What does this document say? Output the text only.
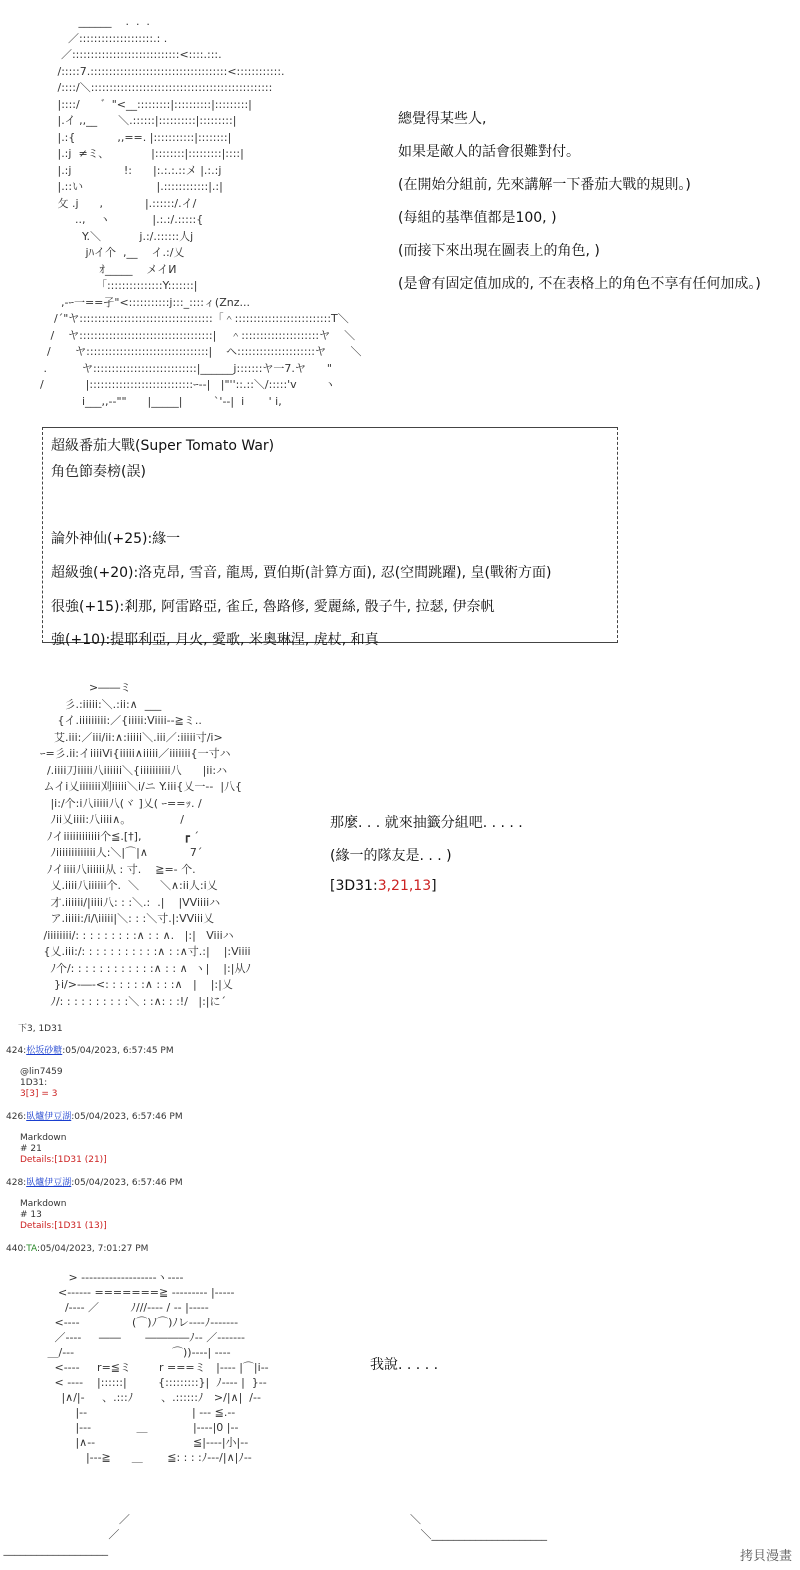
______    .  .  .
／::::::::::::::::::::.: .
／:::::::::::::::::::::::::::::<::::.:::.
/:::::7.:::::::::::::::::::::::::::::::::::::<::::::::::::.
/::::/＼:::::::::::::::::::::::::::::::::::::::::::::::::
|::::/      ゛"<__:::::::::|::::::::::|:::::::::|
|.イ ,,__      ＼.::::::|::::::::::|:::::::::|
|.:{            ,,==. |:::::::::::|::::::::|
|.:j  ≠ミ、            |::::::::|:::::::::|::::|
|.:j               !:      |:.:.:.::メ |.:.:j
|.::い                     |.::::::::::::|.:|
攵 .j      ,            |.::::::/.イ/
..,    ヽ            |.:.:/.:::::{
Y.＼           j.:/.::::::人j
jﾊイ个  ,__    イ.:/乂
ｵ_____    メイИ
「:::::::::::::::Y:::::::|
,-ｰ一==孑"<:::::::::::j:::_::::ィ(Znz...
/´"ヤ::::::::::::::::::::::::::::::::::::「＾::::::::::::::::::::::::::T＼
/    ヤ::::::::::::::::::::::::::::::::::::|    ＾:::::::::::::::::::::ヤ    ＼
/       ヤ:::::::::::::::::::::::::::::::::|    ヘ:::::::::::::::::::::ヤ       ＼
.          ヤ::::::::::::::::::::::::::::|______j:::::::ヤ一7.ヤ      "
/            |::::::::::::::::::::::::::::ｰ--|   |"''::.::＼/:::::'v        ヽ
i___,,--""      |_____|         `'--|  i       ' i,
總覺得某些人,
如果是敵人的話會很難對付。
(在開始分組前, 先來講解一下番茄大戰的規則。)
(每組的基準值都是100, )
(而接下來出現在圖表上的角色, )
(是會有固定值加成的, 不在表格上的角色不享有任何加成。)
超級番茄大戰(Super Tomato War)
角色節奏榜(誤)
論外神仙(+25):緣一
超級強(+20):洛克昂, 雪音, 龍馬, 賈伯斯(計算方面), 忍(空間跳躍), 皇(戰術方面)
很強(+15):剎那, 阿雷路亞, 雀丘, 魯路修, 愛麗絲, 骰子牛, 拉瑟, 伊奈帆
強(+10):提耶利亞, 月火, 愛歌, 米奧琳涅, 虎杖, 和真
>――ミ
彡.:iiiii:＼.:ii:∧  ___
{イ.iiiiiiiii:／{iiiii:Viiii--≧ミ..
艾.iii:／iii/ii:∧:iiiii＼.iii／:iiiii寸/i>
ｰ=彡.ii:イiiiiVi{iiiii∧iiiii／iiiiiii{一寸ハ
/.iiii刀iiiii八iiiiii＼{iiiiiiiiii八      |ii:ハ
ムイi乂iiiiiii刈iiiii＼i/ニ Y.iii{乂一--  |八{
|i:/个:i八iiiii八(ヾ ]乂( ｰ==ｯ. /
ﾉii乂iiii:八iiii∧。              /
ﾉイiiiiiiiiiiii个≦.[†],            ┏ ´
ﾉiiiiiiiiiiiii人:＼|⌒|∧            7´
ﾉイiiii八iiiiii从 : 寸.    ≧=- 个.
乂.iiii八iiiiii个.  ＼      ＼∧:ii人:i乂
才.iiiiii/|iiii八: : :＼.:  .|    |VViiiiハ
ア.iiiii:/i/\iiiii|＼: : :＼寸.|:VViii乂
/iiiiiiii/: : : : : : : : :∧ : : ∧.   |:|   Viiiハ
{乂.iii:/: : : : : : : : : : :∧ : :∧寸.:|    |:Viiii
ﾉ个/: : : : : : : : : : : :∧ : : ∧  ヽ|    |:|从ﾉ
}i/>-―-<: : : : : :∧ : : :∧   |    |:|乂
ﾉ/: : : : : : : : : :＼ : :∧: : :!/   |:|に´
那麼. . . 就來抽籤分組吧. . . . .
(緣一的隊友是. . . )
[3D31:3,21,13]
下3, 1D31
424:松坂砂糖:05/04/2023, 6:57:45 PM
@lin7459
1D31:
3[3] = 3
426:臥爐伊豆湖:05/04/2023, 6:57:46 PM
Markdown
# 21
Details:[1D31 (21)]
428:臥爐伊豆湖:05/04/2023, 6:57:46 PM
Markdown
# 13
Details:[1D31 (13)]
440:TA:05/04/2023, 7:01:27 PM
> -------------------ヽ----
<------ =======≧ --------- |-----
/---- ／         ﾉ///---- / -- |-----
<----               (⌒)ﾉ⌒)ﾉレ----ﾉ-------
／----     ――       ――――ﾉ-- ／-------
＿/---                            ⌒))----| ----
<----     r=≦ミ        r ===ミ   |---- |⌒|i--
< ----    |::::::|         {:::::::::}|  ﾉ---- |  }--
|∧/|-     、.:::ﾉ        、.::::::ﾉ   >/|∧|  /--
|--                              | --- ≦.--
|---             ＿             |----|0 |--
|∧--                            ≦|----|小|--
|---≧      ＿       ≦: : : :ﾉ---/|∧|ﾉ--
我說. . . . .
／
／
___________________
＼
＼_____________________
拷貝漫畫
